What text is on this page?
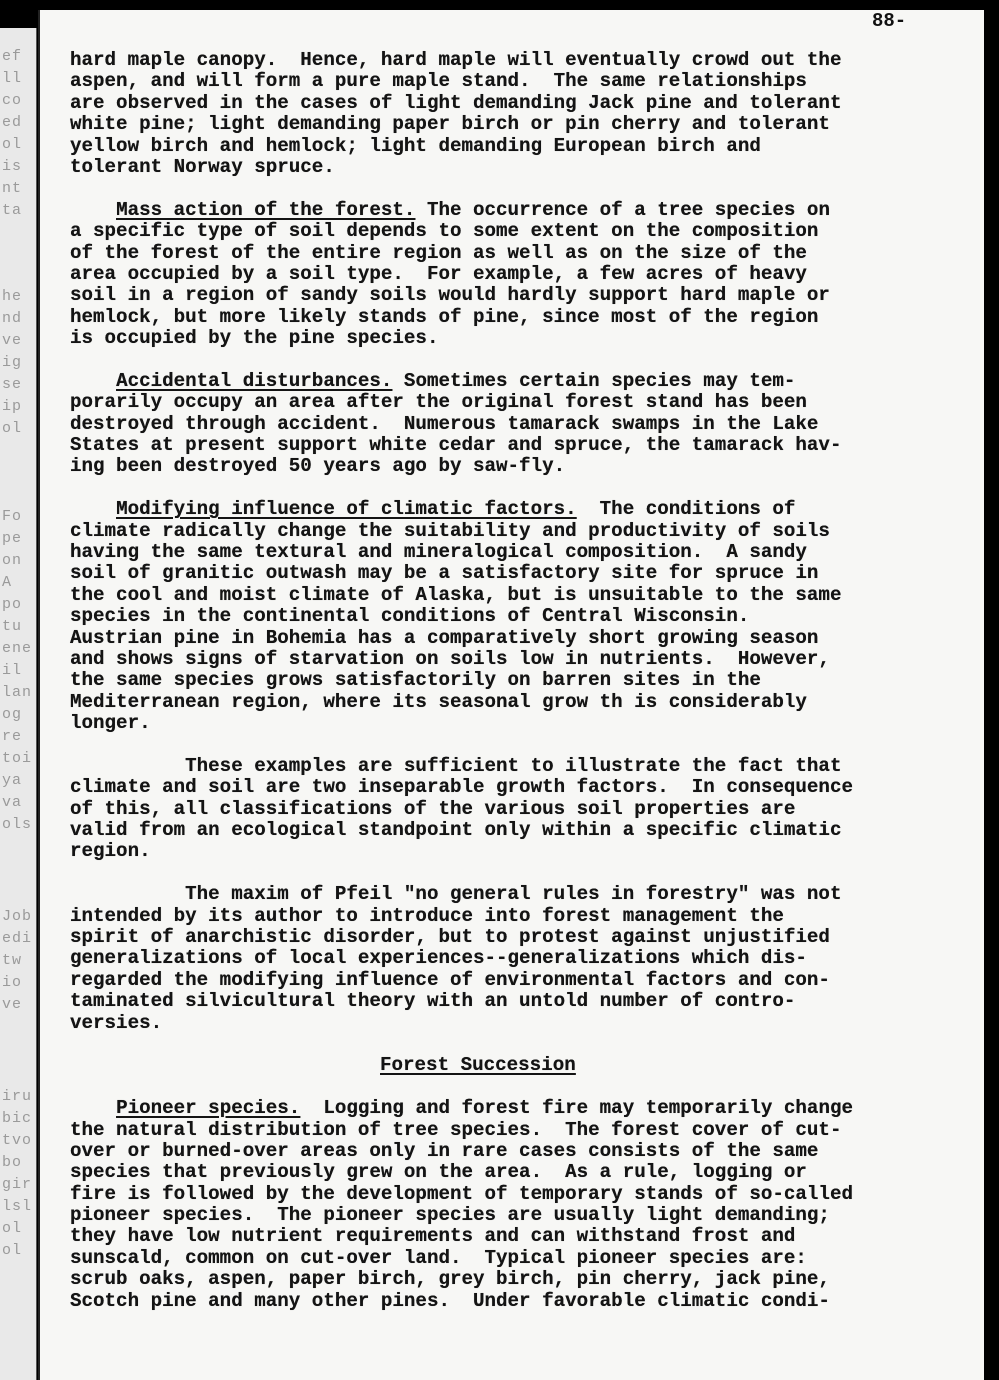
ef
ll
co
ed
ol
is
nt
ta
he
nd
ve
ig
se
ip
ol
Fo
pe
on
A
po
tu
ene
il
lan
og
re
toi
ya
va
ols
Job
edi
tw
io
ve
iru
bic
tvo
bo
gir
lsl
ol
ol
88-
hard maple canopy.  Hence, hard maple will eventually crowd out the
aspen, and will form a pure maple stand.  The same relationships
are observed in the cases of light demanding Jack pine and tolerant
white pine; light demanding paper birch or pin cherry and tolerant
yellow birch and hemlock; light demanding European birch and
tolerant Norway spruce.
Mass action of the forest. The occurrence of a tree species on
a specific type of soil depends to some extent on the composition
of the forest of the entire region as well as on the size of the
area occupied by a soil type.  For example, a few acres of heavy
soil in a region of sandy soils would hardly support hard maple or
hemlock, but more likely stands of pine, since most of the region
is occupied by the pine species.
Accidental disturbances. Sometimes certain species may tem-
porarily occupy an area after the original forest stand has been
destroyed through accident.  Numerous tamarack swamps in the Lake
States at present support white cedar and spruce, the tamarack hav-
ing been destroyed 50 years ago by saw-fly.
Modifying influence of climatic factors.  The conditions of
climate radically change the suitability and productivity of soils
having the same textural and mineralogical composition.  A sandy
soil of granitic outwash may be a satisfactory site for spruce in
the cool and moist climate of Alaska, but is unsuitable to the same
species in the continental conditions of Central Wisconsin.
Austrian pine in Bohemia has a comparatively short growing season
and shows signs of starvation on soils low in nutrients.  However,
the same species grows satisfactorily on barren sites in the
Mediterranean region, where its seasonal grow th is considerably
longer.
These examples are sufficient to illustrate the fact that
climate and soil are two inseparable growth factors.  In consequence
of this, all classifications of the various soil properties are
valid from an ecological standpoint only within a specific climatic
region.
The maxim of Pfeil "no general rules in forestry" was not
intended by its author to introduce into forest management the
spirit of anarchistic disorder, but to protest against unjustified
generalizations of local experiences--generalizations which dis-
regarded the modifying influence of environmental factors and con-
taminated silvicultural theory with an untold number of contro-
versies.
Forest Succession
Pioneer species.  Logging and forest fire may temporarily change
the natural distribution of tree species.  The forest cover of cut-
over or burned-over areas only in rare cases consists of the same
species that previously grew on the area.  As a rule, logging or
fire is followed by the development of temporary stands of so-called
pioneer species.  The pioneer species are usually light demanding;
they have low nutrient requirements and can withstand frost and
sunscald, common on cut-over land.  Typical pioneer species are:
scrub oaks, aspen, paper birch, grey birch, pin cherry, jack pine,
Scotch pine and many other pines.  Under favorable climatic condi-
